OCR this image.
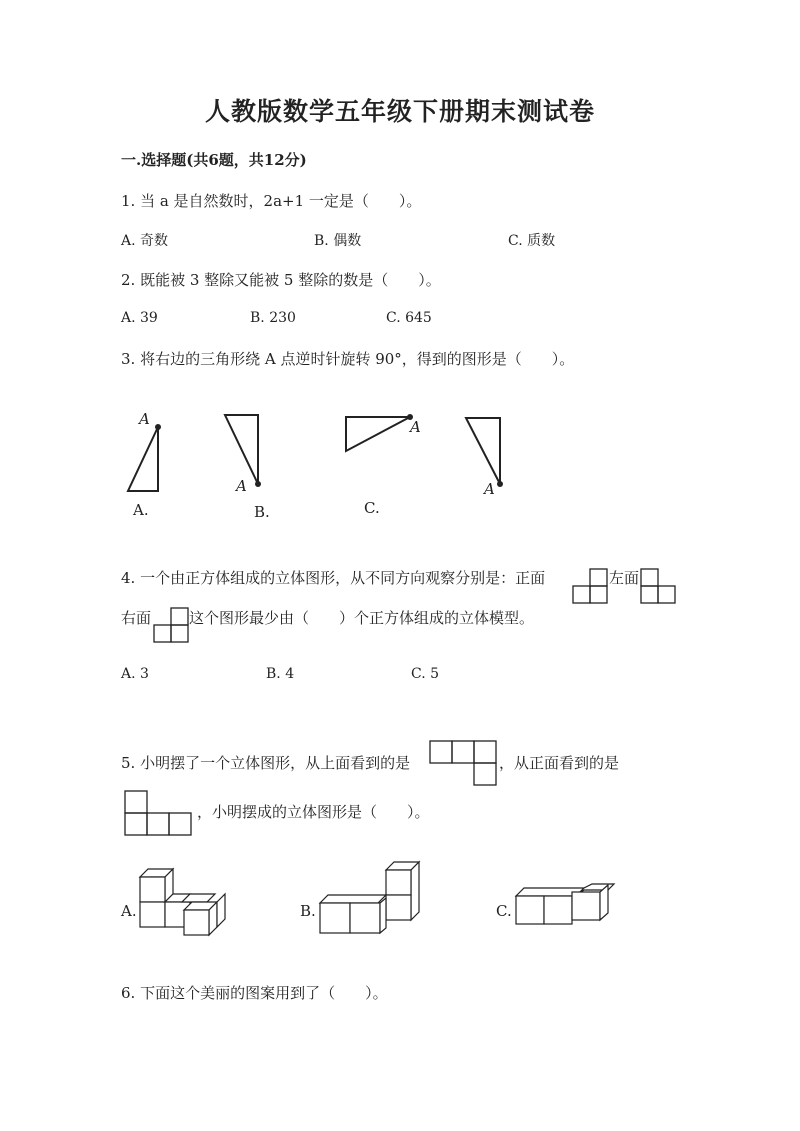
人教版数学五年级下册期末测试卷
一.选择题(共6题，共12分)
1. 当 a 是自然数时，2a+1 一定是（　　）。
A. 奇数	B. 偶数	C. 质数
2. 既能被 3 整除又能被 5 整除的数是（　　）。
A. 39	B. 230	C. 645
3. 将右边的三角形绕 A 点逆时针旋转 90°，得到的图形是（　　）。
A
A
A
A
A.	B.	C.
4. 一个由正方体组成的立体图形，从不同方向观察分别是：正面	左面
右面	这个图形最少由（　　）个正方体组成的立体模型。
A. 3	B. 4	C. 5
5. 小明摆了一个立体图形，从上面看到的是	，从正面看到的是
，小明摆成的立体图形是（　　）。
A.	B.	C.
6. 下面这个美丽的图案用到了（　　）。
